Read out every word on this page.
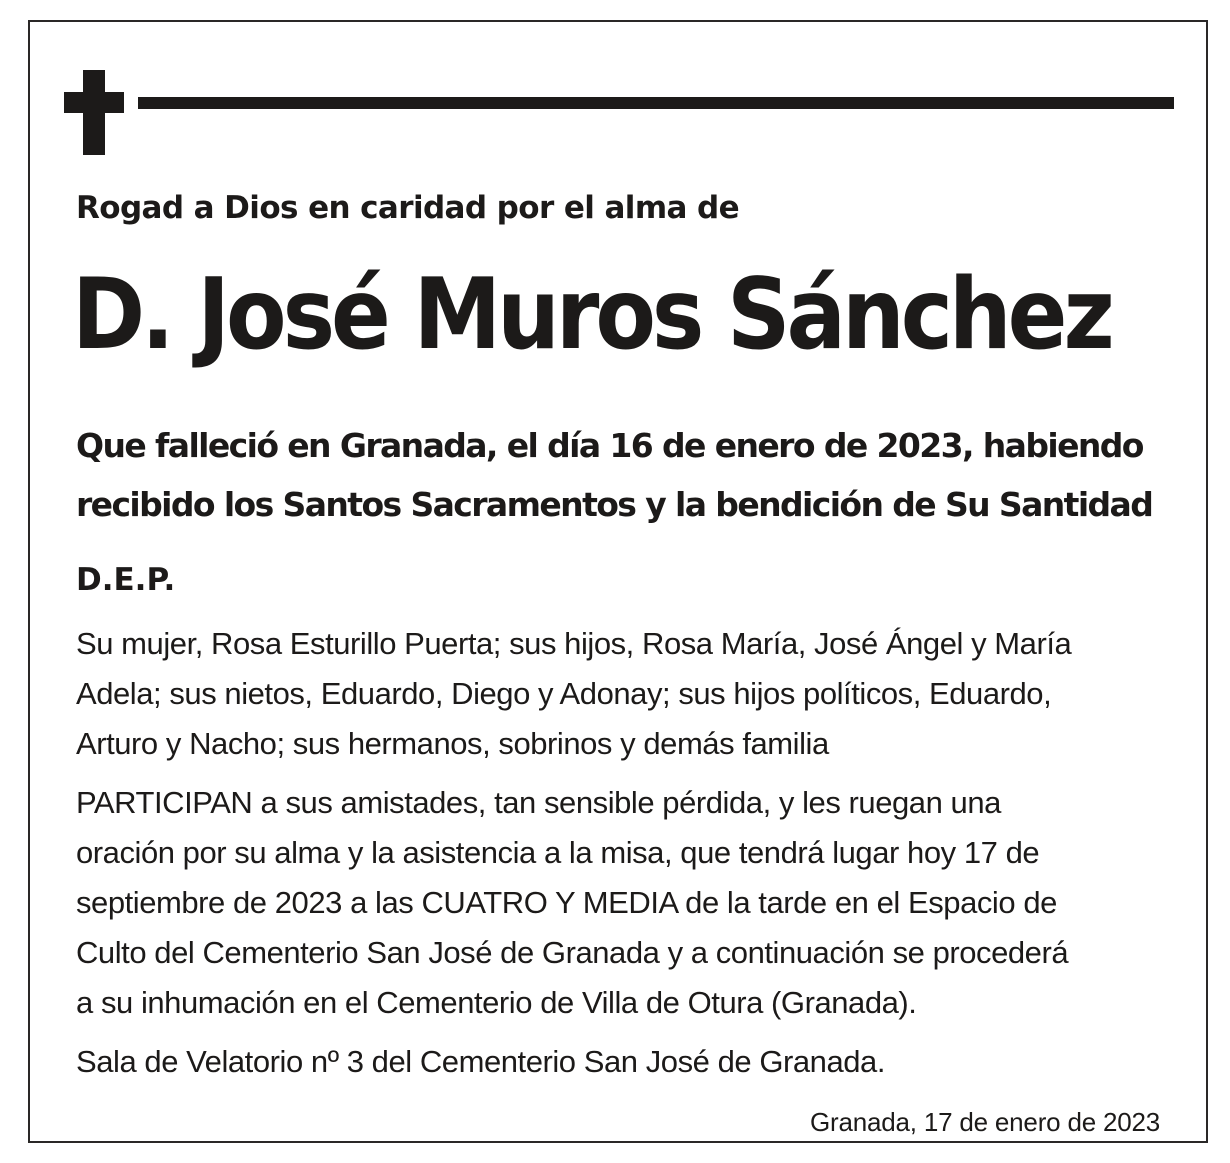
Rogad a Dios en caridad por el alma de
D. José Muros Sánchez
Que falleció en Granada, el día 16 de enero de 2023, habiendo
recibido los Santos Sacramentos y la bendición de Su Santidad
D.E.P.
Su mujer, Rosa Esturillo Puerta; sus hijos, Rosa María, José Ángel y María
Adela; sus nietos, Eduardo, Diego y Adonay; sus hijos políticos, Eduardo,
Arturo y Nacho; sus hermanos, sobrinos y demás familia
PARTICIPAN a sus amistades, tan sensible pérdida, y les ruegan una
oración por su alma y la asistencia a la misa, que tendrá lugar hoy 17 de
septiembre de 2023 a las CUATRO Y MEDIA de la tarde en el Espacio de
Culto del Cementerio San José de Granada y a continuación se procederá
a su inhumación en el Cementerio de Villa de Otura (Granada).
Sala de Velatorio nº 3 del Cementerio San José de Granada.
Granada, 17 de enero de 2023
